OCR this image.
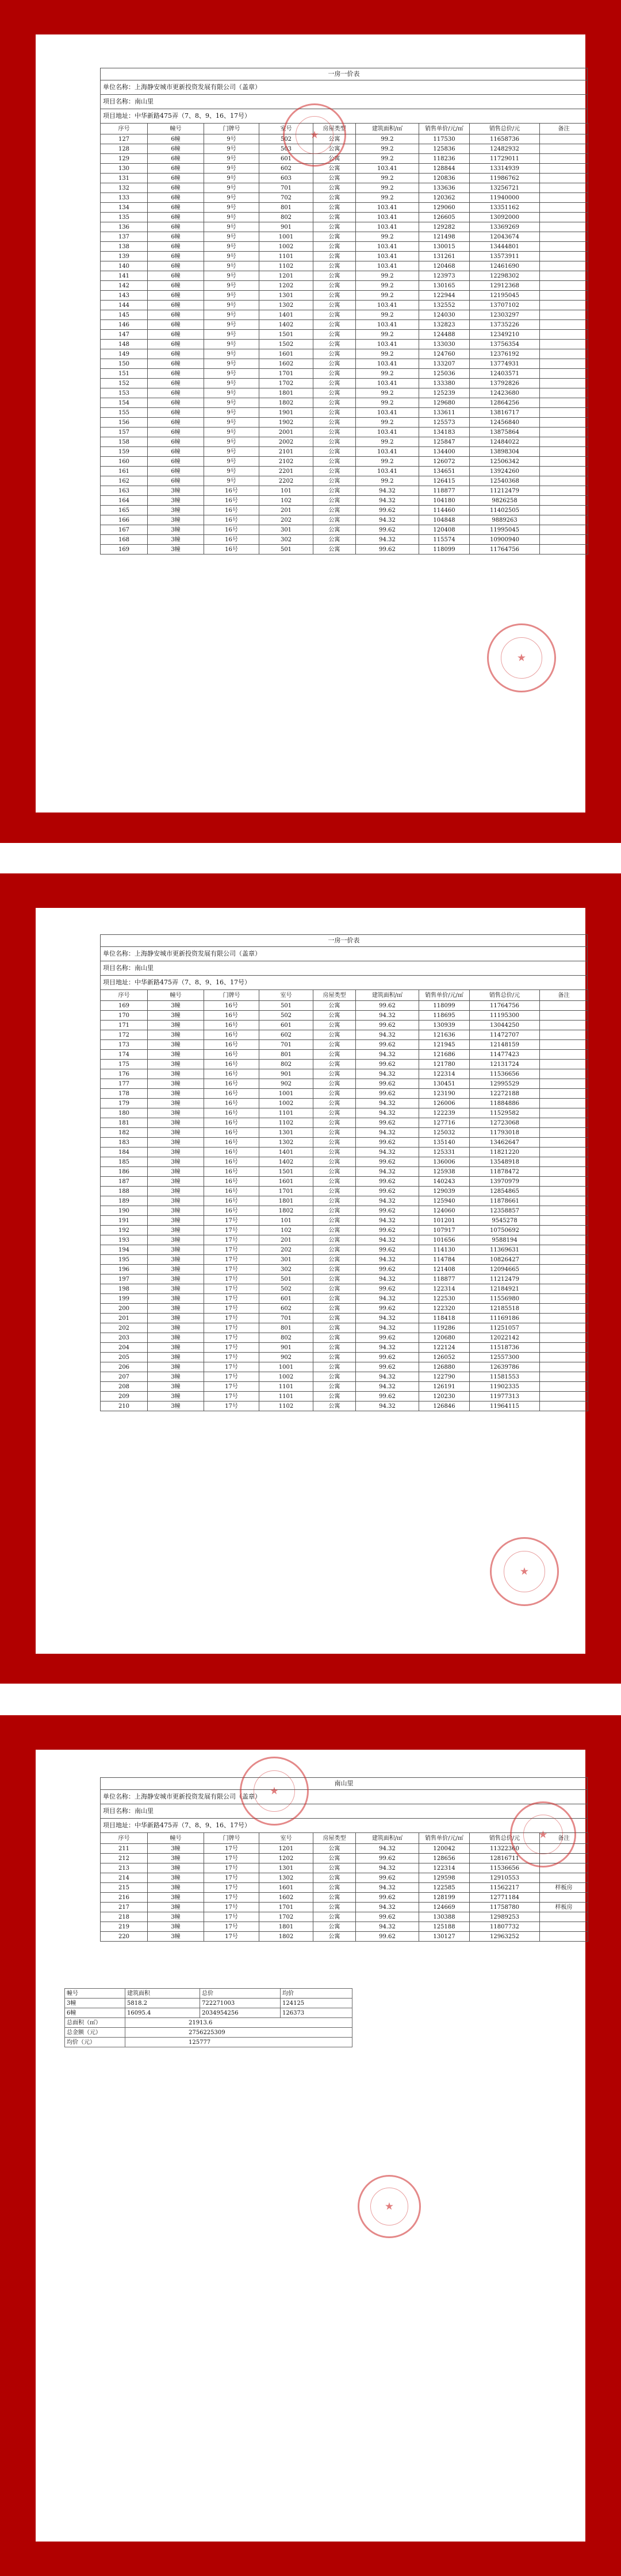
一房一价表
单位名称：上海静安城市更新投资发展有限公司（盖章）
项目名称：南山里
项目地址：中华新路475弄（7、8、9、16、17号）
序号	幢号	门牌号	室号	房屋类型	建筑面积/㎡	销售单价/元/㎡	销售总价/元	备注
127	6幢	9号	502	公寓	99.2	117530	11658736	
128	6幢	9号	503	公寓	99.2	125836	12482932	
129	6幢	9号	601	公寓	99.2	118236	11729011	
130	6幢	9号	602	公寓	103.41	128844	13314939	
131	6幢	9号	603	公寓	99.2	120836	11986762	
132	6幢	9号	701	公寓	99.2	133636	13256721	
133	6幢	9号	702	公寓	99.2	120362	11940000	
134	6幢	9号	801	公寓	103.41	129060	13351162	
135	6幢	9号	802	公寓	103.41	126605	13092000	
136	6幢	9号	901	公寓	103.41	129282	13369269	
137	6幢	9号	1001	公寓	99.2	121498	12043674	
138	6幢	9号	1002	公寓	103.41	130015	13444801	
139	6幢	9号	1101	公寓	103.41	131261	13573911	
140	6幢	9号	1102	公寓	103.41	120468	12461690	
141	6幢	9号	1201	公寓	99.2	123973	12298302	
142	6幢	9号	1202	公寓	99.2	130165	12912368	
143	6幢	9号	1301	公寓	99.2	122944	12195045	
144	6幢	9号	1302	公寓	103.41	132552	13707102	
145	6幢	9号	1401	公寓	99.2	124030	12303297	
146	6幢	9号	1402	公寓	103.41	132823	13735226	
147	6幢	9号	1501	公寓	99.2	124488	12349210	
148	6幢	9号	1502	公寓	103.41	133030	13756354	
149	6幢	9号	1601	公寓	99.2	124760	12376192	
150	6幢	9号	1602	公寓	103.41	133207	13774931	
151	6幢	9号	1701	公寓	99.2	125036	12403571	
152	6幢	9号	1702	公寓	103.41	133380	13792826	
153	6幢	9号	1801	公寓	99.2	125239	12423680	
154	6幢	9号	1802	公寓	99.2	129680	12864256	
155	6幢	9号	1901	公寓	103.41	133611	13816717	
156	6幢	9号	1902	公寓	99.2	125573	12456840	
157	6幢	9号	2001	公寓	103.41	134183	13875864	
158	6幢	9号	2002	公寓	99.2	125847	12484022	
159	6幢	9号	2101	公寓	103.41	134400	13898304	
160	6幢	9号	2102	公寓	99.2	126072	12506342	
161	6幢	9号	2201	公寓	103.41	134651	13924260	
162	6幢	9号	2202	公寓	99.2	126415	12540368	
163	3幢	16号	101	公寓	94.32	118877	11212479	
164	3幢	16号	102	公寓	94.32	104180	9826258	
165	3幢	16号	201	公寓	99.62	114460	11402505	
166	3幢	16号	202	公寓	94.32	104848	9889263	
167	3幢	16号	301	公寓	99.62	120408	11995045	
168	3幢	16号	302	公寓	94.32	115574	10900940	
169	3幢	16号	501	公寓	99.62	118099	11764756	
★
★
一房一价表
单位名称：上海静安城市更新投资发展有限公司（盖章）
项目名称：南山里
项目地址：中华新路475弄（7、8、9、16、17号）
序号	幢号	门牌号	室号	房屋类型	建筑面积/㎡	销售单价/元/㎡	销售总价/元	备注
169	3幢	16号	501	公寓	99.62	118099	11764756	
170	3幢	16号	502	公寓	94.32	118695	11195300	
171	3幢	16号	601	公寓	99.62	130939	13044250	
172	3幢	16号	602	公寓	94.32	121636	11472707	
173	3幢	16号	701	公寓	99.62	121945	12148159	
174	3幢	16号	801	公寓	94.32	121686	11477423	
175	3幢	16号	802	公寓	99.62	121780	12131724	
176	3幢	16号	901	公寓	94.32	122314	11536656	
177	3幢	16号	902	公寓	99.62	130451	12995529	
178	3幢	16号	1001	公寓	99.62	123190	12272188	
179	3幢	16号	1002	公寓	94.32	126006	11884886	
180	3幢	16号	1101	公寓	94.32	122239	11529582	
181	3幢	16号	1102	公寓	99.62	127716	12723068	
182	3幢	16号	1301	公寓	94.32	125032	11793018	
183	3幢	16号	1302	公寓	99.62	135140	13462647	
184	3幢	16号	1401	公寓	94.32	125331	11821220	
185	3幢	16号	1402	公寓	99.62	136006	13548918	
186	3幢	16号	1501	公寓	94.32	125938	11878472	
187	3幢	16号	1601	公寓	99.62	140243	13970979	
188	3幢	16号	1701	公寓	99.62	129039	12854865	
189	3幢	16号	1801	公寓	94.32	125940	11878661	
190	3幢	16号	1802	公寓	99.62	124060	12358857	
191	3幢	17号	101	公寓	94.32	101201	9545278	
192	3幢	17号	102	公寓	99.62	107917	10750692	
193	3幢	17号	201	公寓	94.32	101656	9588194	
194	3幢	17号	202	公寓	99.62	114130	11369631	
195	3幢	17号	301	公寓	94.32	114784	10826427	
196	3幢	17号	302	公寓	99.62	121408	12094665	
197	3幢	17号	501	公寓	94.32	118877	11212479	
198	3幢	17号	502	公寓	99.62	122314	12184921	
199	3幢	17号	601	公寓	94.32	122530	11556980	
200	3幢	17号	602	公寓	99.62	122320	12185518	
201	3幢	17号	701	公寓	94.32	118418	11169186	
202	3幢	17号	801	公寓	94.32	119286	11251057	
203	3幢	17号	802	公寓	99.62	120680	12022142	
204	3幢	17号	901	公寓	94.32	122124	11518736	
205	3幢	17号	902	公寓	99.62	126052	12557300	
206	3幢	17号	1001	公寓	99.62	126880	12639786	
207	3幢	17号	1002	公寓	94.32	122790	11581553	
208	3幢	17号	1101	公寓	94.32	126191	11902335	
209	3幢	17号	1101	公寓	99.62	120230	11977313	
210	3幢	17号	1102	公寓	94.32	126846	11964115	
★
南山里
单位名称：上海静安城市更新投资发展有限公司（盖章）
项目名称：南山里
项目地址：中华新路475弄（7、8、9、16、17号）
序号	幢号	门牌号	室号	房屋类型	建筑面积/㎡	销售单价/元/㎡	销售总价/元	备注
211	3幢	17号	1201	公寓	94.32	120042	11322360	
212	3幢	17号	1202	公寓	99.62	128656	12816711	
213	3幢	17号	1301	公寓	94.32	122314	11536656	
214	3幢	17号	1302	公寓	99.62	129598	12910553	
215	3幢	17号	1601	公寓	94.32	122585	11562217	样板房
216	3幢	17号	1602	公寓	99.62	128199	12771184	
217	3幢	17号	1701	公寓	94.32	124669	11758780	样板房
218	3幢	17号	1702	公寓	99.62	130388	12989253	
219	3幢	17号	1801	公寓	94.32	125188	11807732	
220	3幢	17号	1802	公寓	99.62	130127	12963252	
幢号	建筑面积	总价	均价
3幢	5818.2	722271003	124125
6幢	16095.4	2034954256	126373
总面积（㎡）	21913.6		
总金额（元）	2756225309		
均价（元）	125777		
★
★
★
